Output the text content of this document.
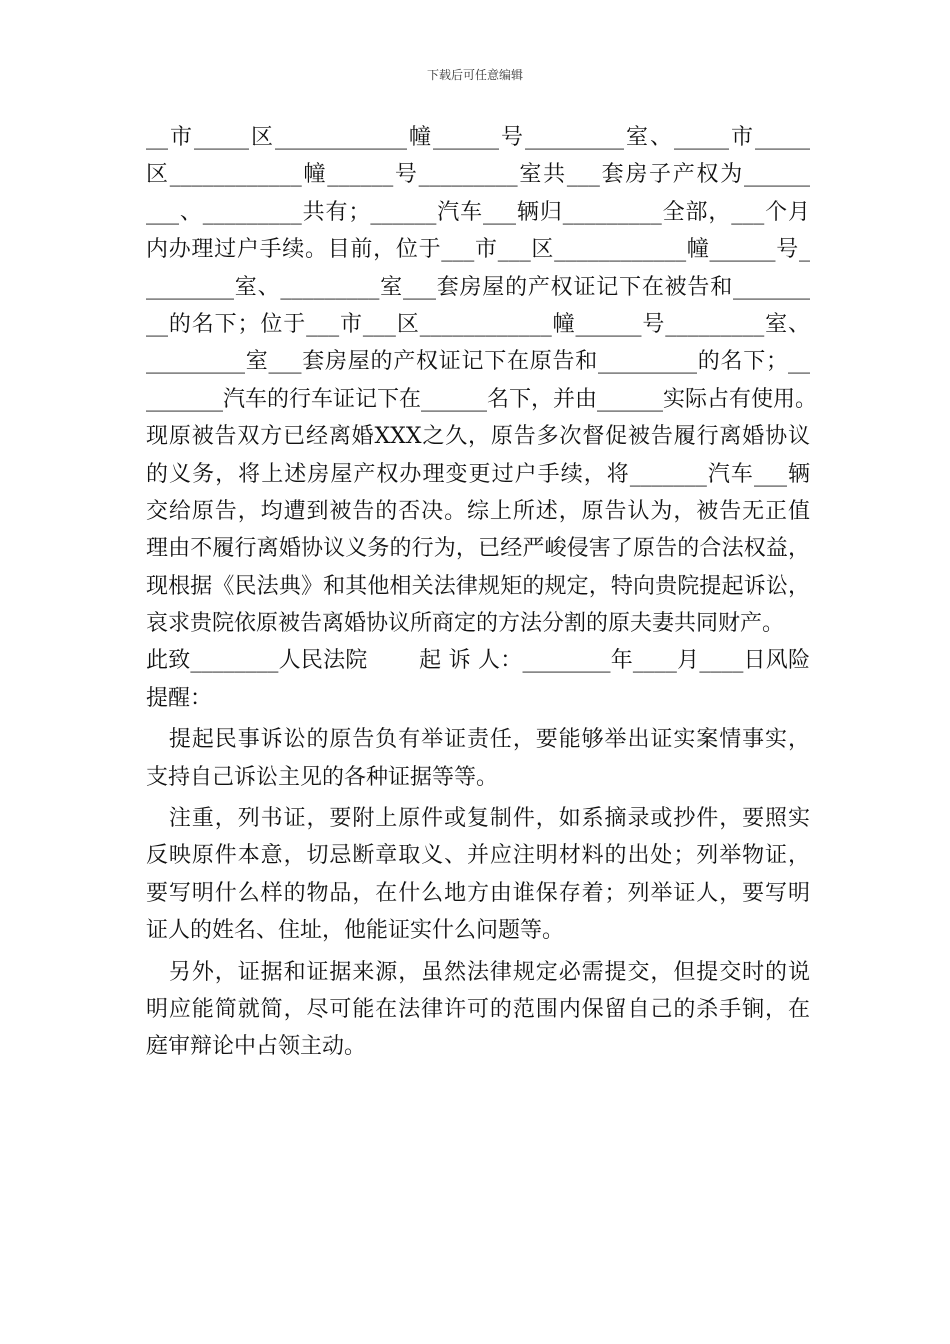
下载后可任意编辑
__市_____区____________幢______号_________室、_____市_____
区____________幢______号_________室共___套房子产权为______
___、_________共有；______汽车___辆归_________全部，___个月
内办理过户手续。目前，位于___市___区____________幢______号_
________室、_________室___套房屋的产权证记下在被告和_______
__的名下；位于___市___区____________幢______号_________室、
_________室___套房屋的产权证记下在原告和_________的名下；__
_______汽车的行车证记下在______名下，并由______实际占有使用。
现原被告双方已经离婚XXX之久，原告多次督促被告履行离婚协议
的义务，将上述房屋产权办理变更过户手续，将_______汽车___辆
交给原告，均遭到被告的否决。综上所述，原告认为，被告无正值
理由不履行离婚协议义务的行为，已经严峻侵害了原告的合法权益，
现根据《民法典》和其他相关法律规矩的规定，特向贵院提起诉讼，
哀求贵院依原被告离婚协议所商定的方法分割的原夫妻共同财产。
此致________人民法院　　 起 诉 人：________年____月____日风险
提醒：
　提起民事诉讼的原告负有举证责任，要能够举出证实案情事实，
支持自己诉讼主见的各种证据等等。
　注重，列书证，要附上原件或复制件，如系摘录或抄件，要照实
反映原件本意，切忌断章取义、并应注明材料的出处；列举物证，
要写明什么样的物品，在什么地方由谁保存着；列举证人，要写明
证人的姓名、住址，他能证实什么问题等。
　另外，证据和证据来源，虽然法律规定必需提交，但提交时的说
明应能简就简，尽可能在法律许可的范围内保留自己的杀手锏，在
庭审辩论中占领主动。
